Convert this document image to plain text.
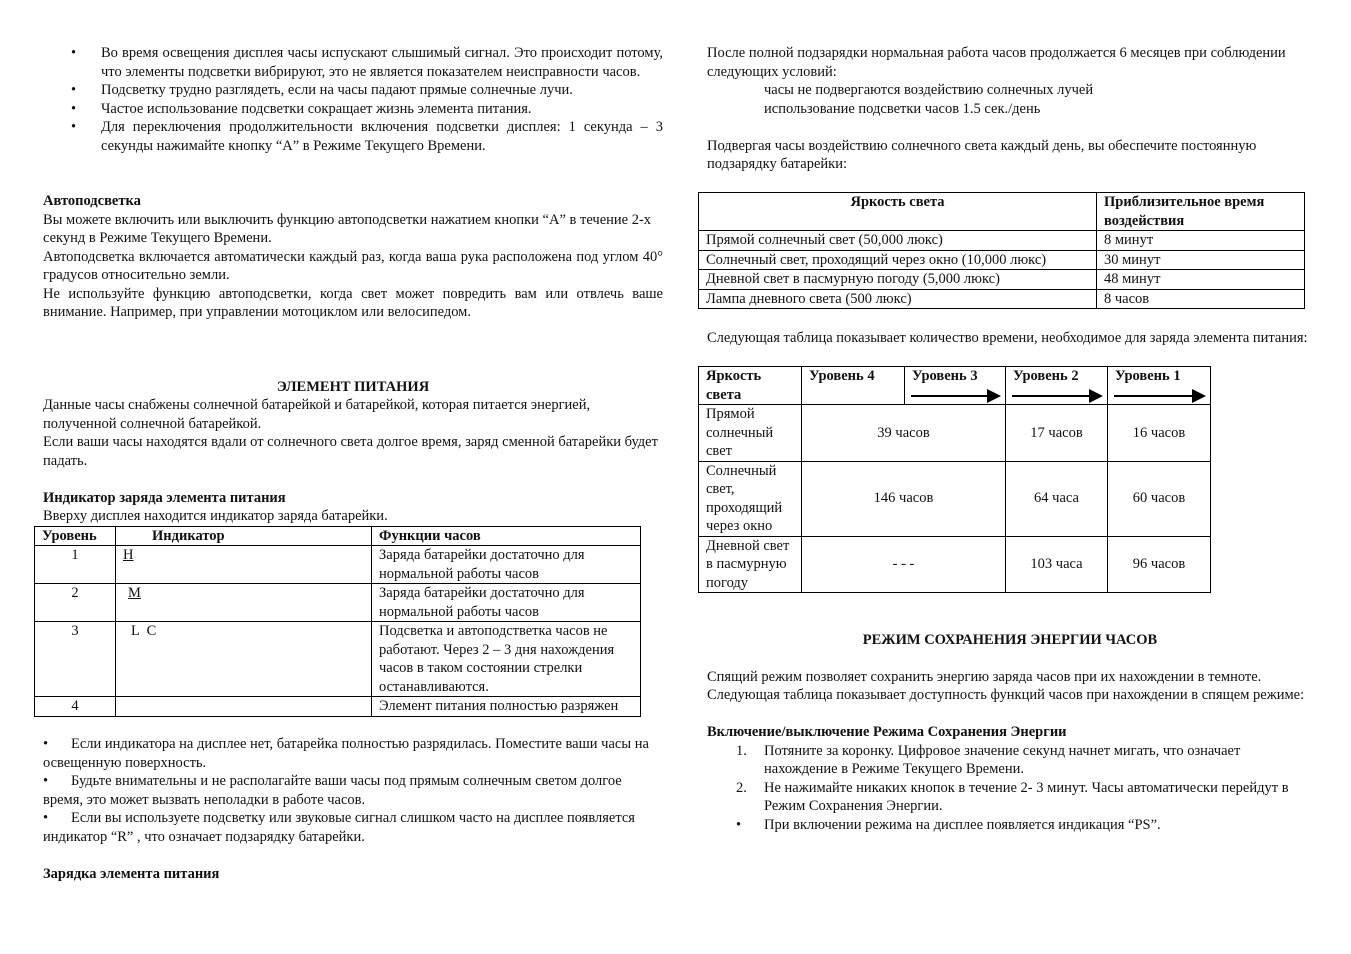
• Во время освещения дисплея часы испускают слышимый сигнал. Это происходит потому, что элементы подсветки вибрируют, это не является показателем неисправности часов.
• Подсветку трудно разглядеть, если на часы падают прямые солнечные лучи.
• Частое использование подсветки сокращает жизнь элемента питания.
• Для переключения продолжительности включения подсветки дисплея: 1 секунда – 3 секунды нажимайте кнопку “A” в Режиме Текущего Времени.

Автоподсветка

Вы можете включить или выключить функцию автоподсветки нажатием кнопки “A” в течение 2-х секунд в Режиме Текущего Времени.

Автоподсветка включается автоматически каждый раз, когда ваша рука расположена под углом 40° градусов относительно земли.

Не используйте функцию автоподсветки, когда свет может повредить вам или отвлечь ваше внимание. Например, при управлении мотоциклом или велосипедом.

ЭЛЕМЕНТ ПИТАНИЯ

Данные часы снабжены солнечной батарейкой и батарейкой, которая питается энергией, полученной солнечной батарейкой.

Если ваши часы находятся вдали от солнечного света долгое время, заряд сменной батарейки будет падать.

Индикатор заряда элемента питания

Вверху дисплея находится индикатор заряда батарейки.

Уровень	Индикатор	Функции часов
1	H	Заряда батарейки достаточно для нормальной работы часов
2	M	Заряда батарейки достаточно для нормальной работы часов
3	L  C	Подсветка и автоподстветка часов не работают. Через 2 – 3 дня нахождения часов в таком состоянии стрелки останавливаются.
4		Элемент питания полностью разряжен
• Если индикатора на дисплее нет, батарейка полностью разрядилась. Поместите ваши часы на освещенную поверхность.
• Будьте внимательны и не располагайте ваши часы под прямым солнечным светом долгое время, это может вызвать неполадки в работе часов.
• Если вы используете подсветку или звуковые сигнал слишком часто на дисплее появляется индикатор “R” , что означает подзарядку батарейки.

Зарядка элемента питания

После полной подзарядки нормальная работа часов продолжается 6 месяцев при соблюдении следующих условий:

часы не подвергаются воздействию солнечных лучей

использование подсветки часов 1.5 сек./день

Подвергая часы воздействию солнечного света каждый день, вы обеспечите постоянную подзарядку батарейки:

Яркость света	Приблизительное время воздействия
Прямой солнечный свет (50,000 люкс)	8 минут
Солнечный свет, проходящий через окно (10,000 люкс)	30 минут
Дневной свет в пасмурную погоду (5,000 люкс)	48 минут
Лампа дневного света (500 люкс)	8 часов

Следующая таблица показывает количество времени, необходимое для заряда элемента питания:

Яркость света	Уровень 4	Уровень 3	Уровень 2	Уровень 1

Прямой солнечный свет	39 часов		17 часов	16 часов
Солнечный свет, проходящий через окно	146 часов		64 часа	60 часов
Дневной свет в пасмурную погоду	- - -		103 часа	96 часов

РЕЖИМ СОХРАНЕНИЯ ЭНЕРГИИ ЧАСОВ

Спящий режим позволяет сохранить энергию заряда часов при их нахождении в темноте.

Следующая таблица показывает доступность функций часов при нахождении в спящем режиме:

Включение/выключение Режима Сохранения Энергии

1. Потяните за коронку. Цифровое значение секунд начнет мигать, что означает нахождение в Режиме Текущего Времени.
2. Не нажимайте никаких кнопок в течение 2- 3 минут. Часы автоматически перейдут в Режим Сохранения Энергии.
• При включении режима на дисплее появляется индикация “PS”.
